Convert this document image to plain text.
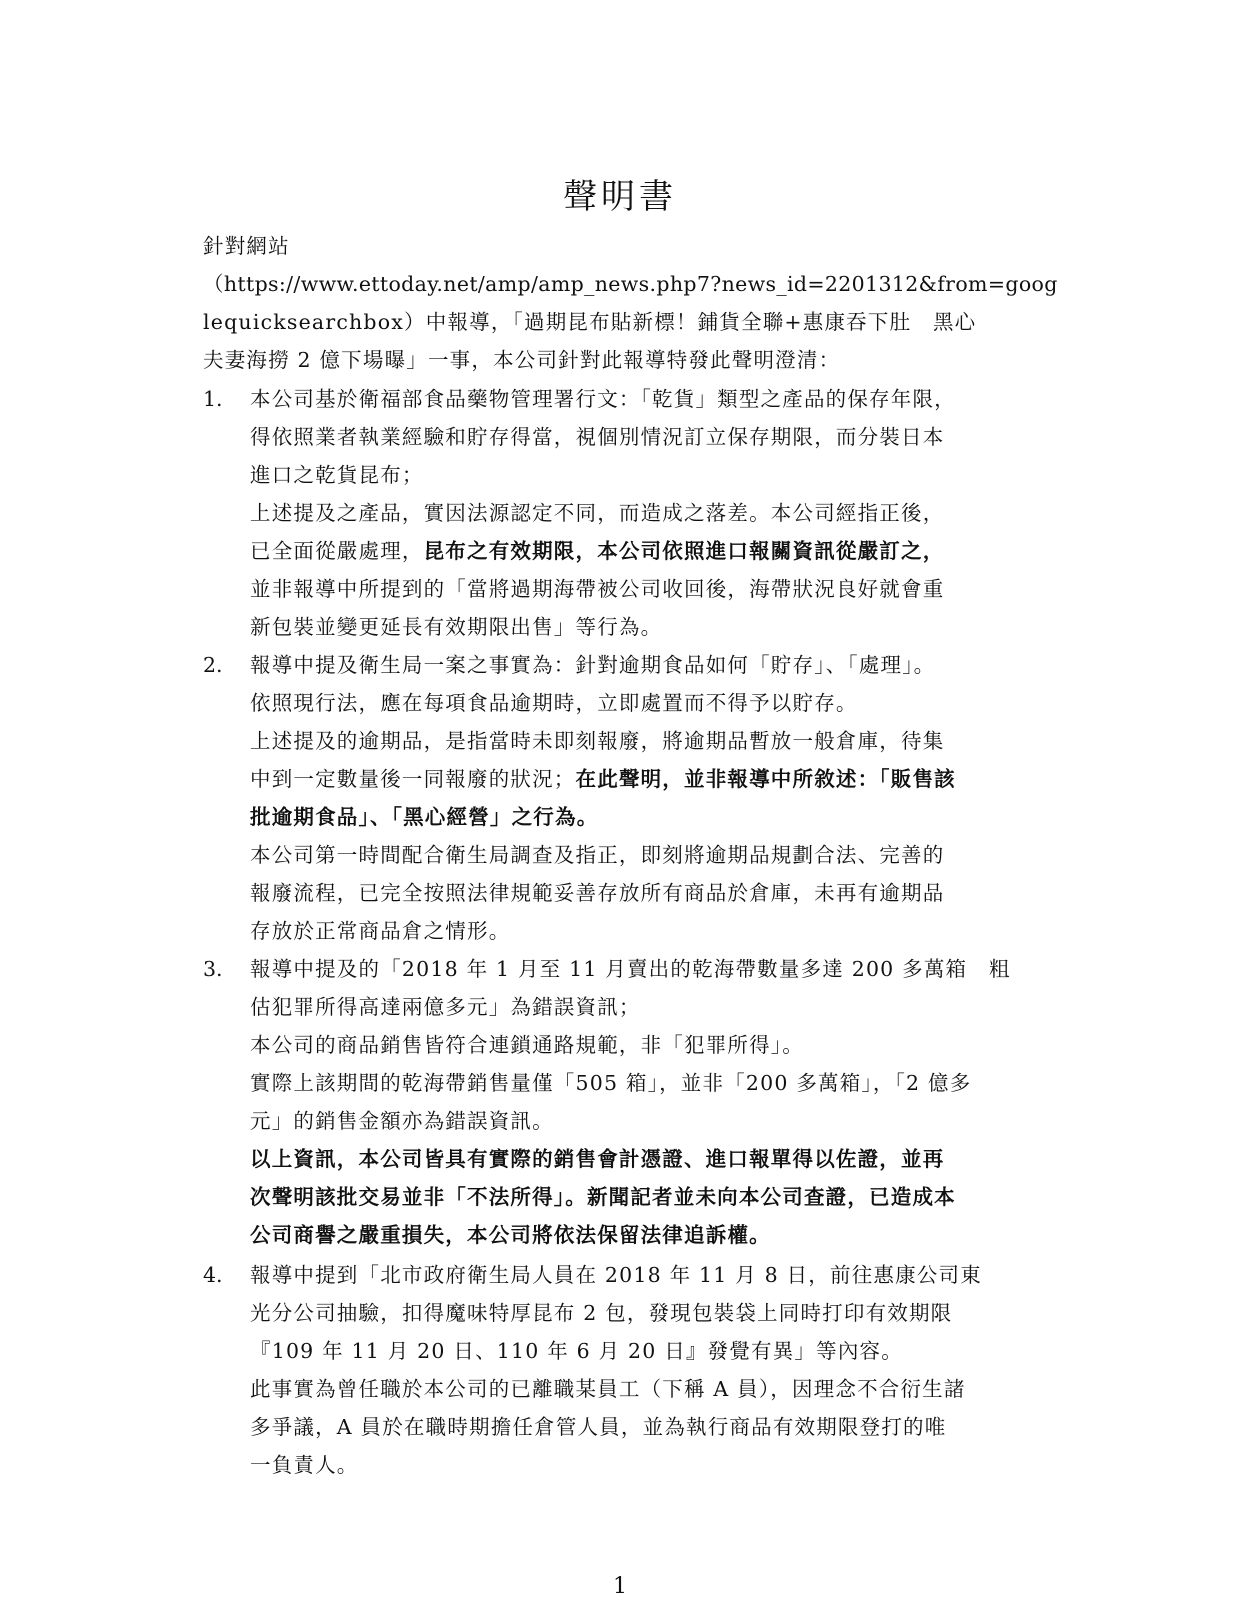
聲明書
針對網站
（https://www.ettoday.net/amp/amp_news.php7?news_id=2201312&from=goog
lequicksearchbox）中報導，「過期昆布貼新標！鋪貨全聯+惠康吞下肚　黑心
夫妻海撈 2 億下場曝」一事，本公司針對此報導特發此聲明澄清：
1. 本公司基於衛福部食品藥物管理署行文：「乾貨」類型之產品的保存年限，
得依照業者執業經驗和貯存得當，視個別情況訂立保存期限，而分裝日本
進口之乾貨昆布；
上述提及之產品，實因法源認定不同，而造成之落差。本公司經指正後，
已全面從嚴處理，昆布之有效期限，本公司依照進口報關資訊從嚴訂之，
並非報導中所提到的「當將過期海帶被公司收回後，海帶狀況良好就會重
新包裝並變更延長有效期限出售」等行為。
2. 報導中提及衛生局一案之事實為：針對逾期食品如何「貯存」、「處理」。
依照現行法，應在每項食品逾期時，立即處置而不得予以貯存。
上述提及的逾期品，是指當時未即刻報廢，將逾期品暫放一般倉庫，待集
中到一定數量後一同報廢的狀況；在此聲明，並非報導中所敘述：「販售該
批逾期食品」、「黑心經營」之行為。
本公司第一時間配合衛生局調查及指正，即刻將逾期品規劃合法、完善的
報廢流程，已完全按照法律規範妥善存放所有商品於倉庫，未再有逾期品
存放於正常商品倉之情形。
3. 報導中提及的「2018 年 1 月至 11 月賣出的乾海帶數量多達 200 多萬箱　粗
估犯罪所得高達兩億多元」為錯誤資訊；
本公司的商品銷售皆符合連鎖通路規範，非「犯罪所得」。
實際上該期間的乾海帶銷售量僅「505 箱」，並非「200 多萬箱」，「2 億多
元」的銷售金額亦為錯誤資訊。
以上資訊，本公司皆具有實際的銷售會計憑證、進口報單得以佐證，並再
次聲明該批交易並非「不法所得」。新聞記者並未向本公司查證，已造成本
公司商譽之嚴重損失，本公司將依法保留法律追訴權。
4. 報導中提到「北市政府衛生局人員在 2018 年 11 月 8 日，前往惠康公司東
光分公司抽驗，扣得魔味特厚昆布 2 包，發現包裝袋上同時打印有效期限
『109 年 11 月 20 日、110 年 6 月 20 日』發覺有異」等內容。
此事實為曾任職於本公司的已離職某員工（下稱 A 員），因理念不合衍生諸
多爭議，A 員於在職時期擔任倉管人員，並為執行商品有效期限登打的唯
一負責人。
1
